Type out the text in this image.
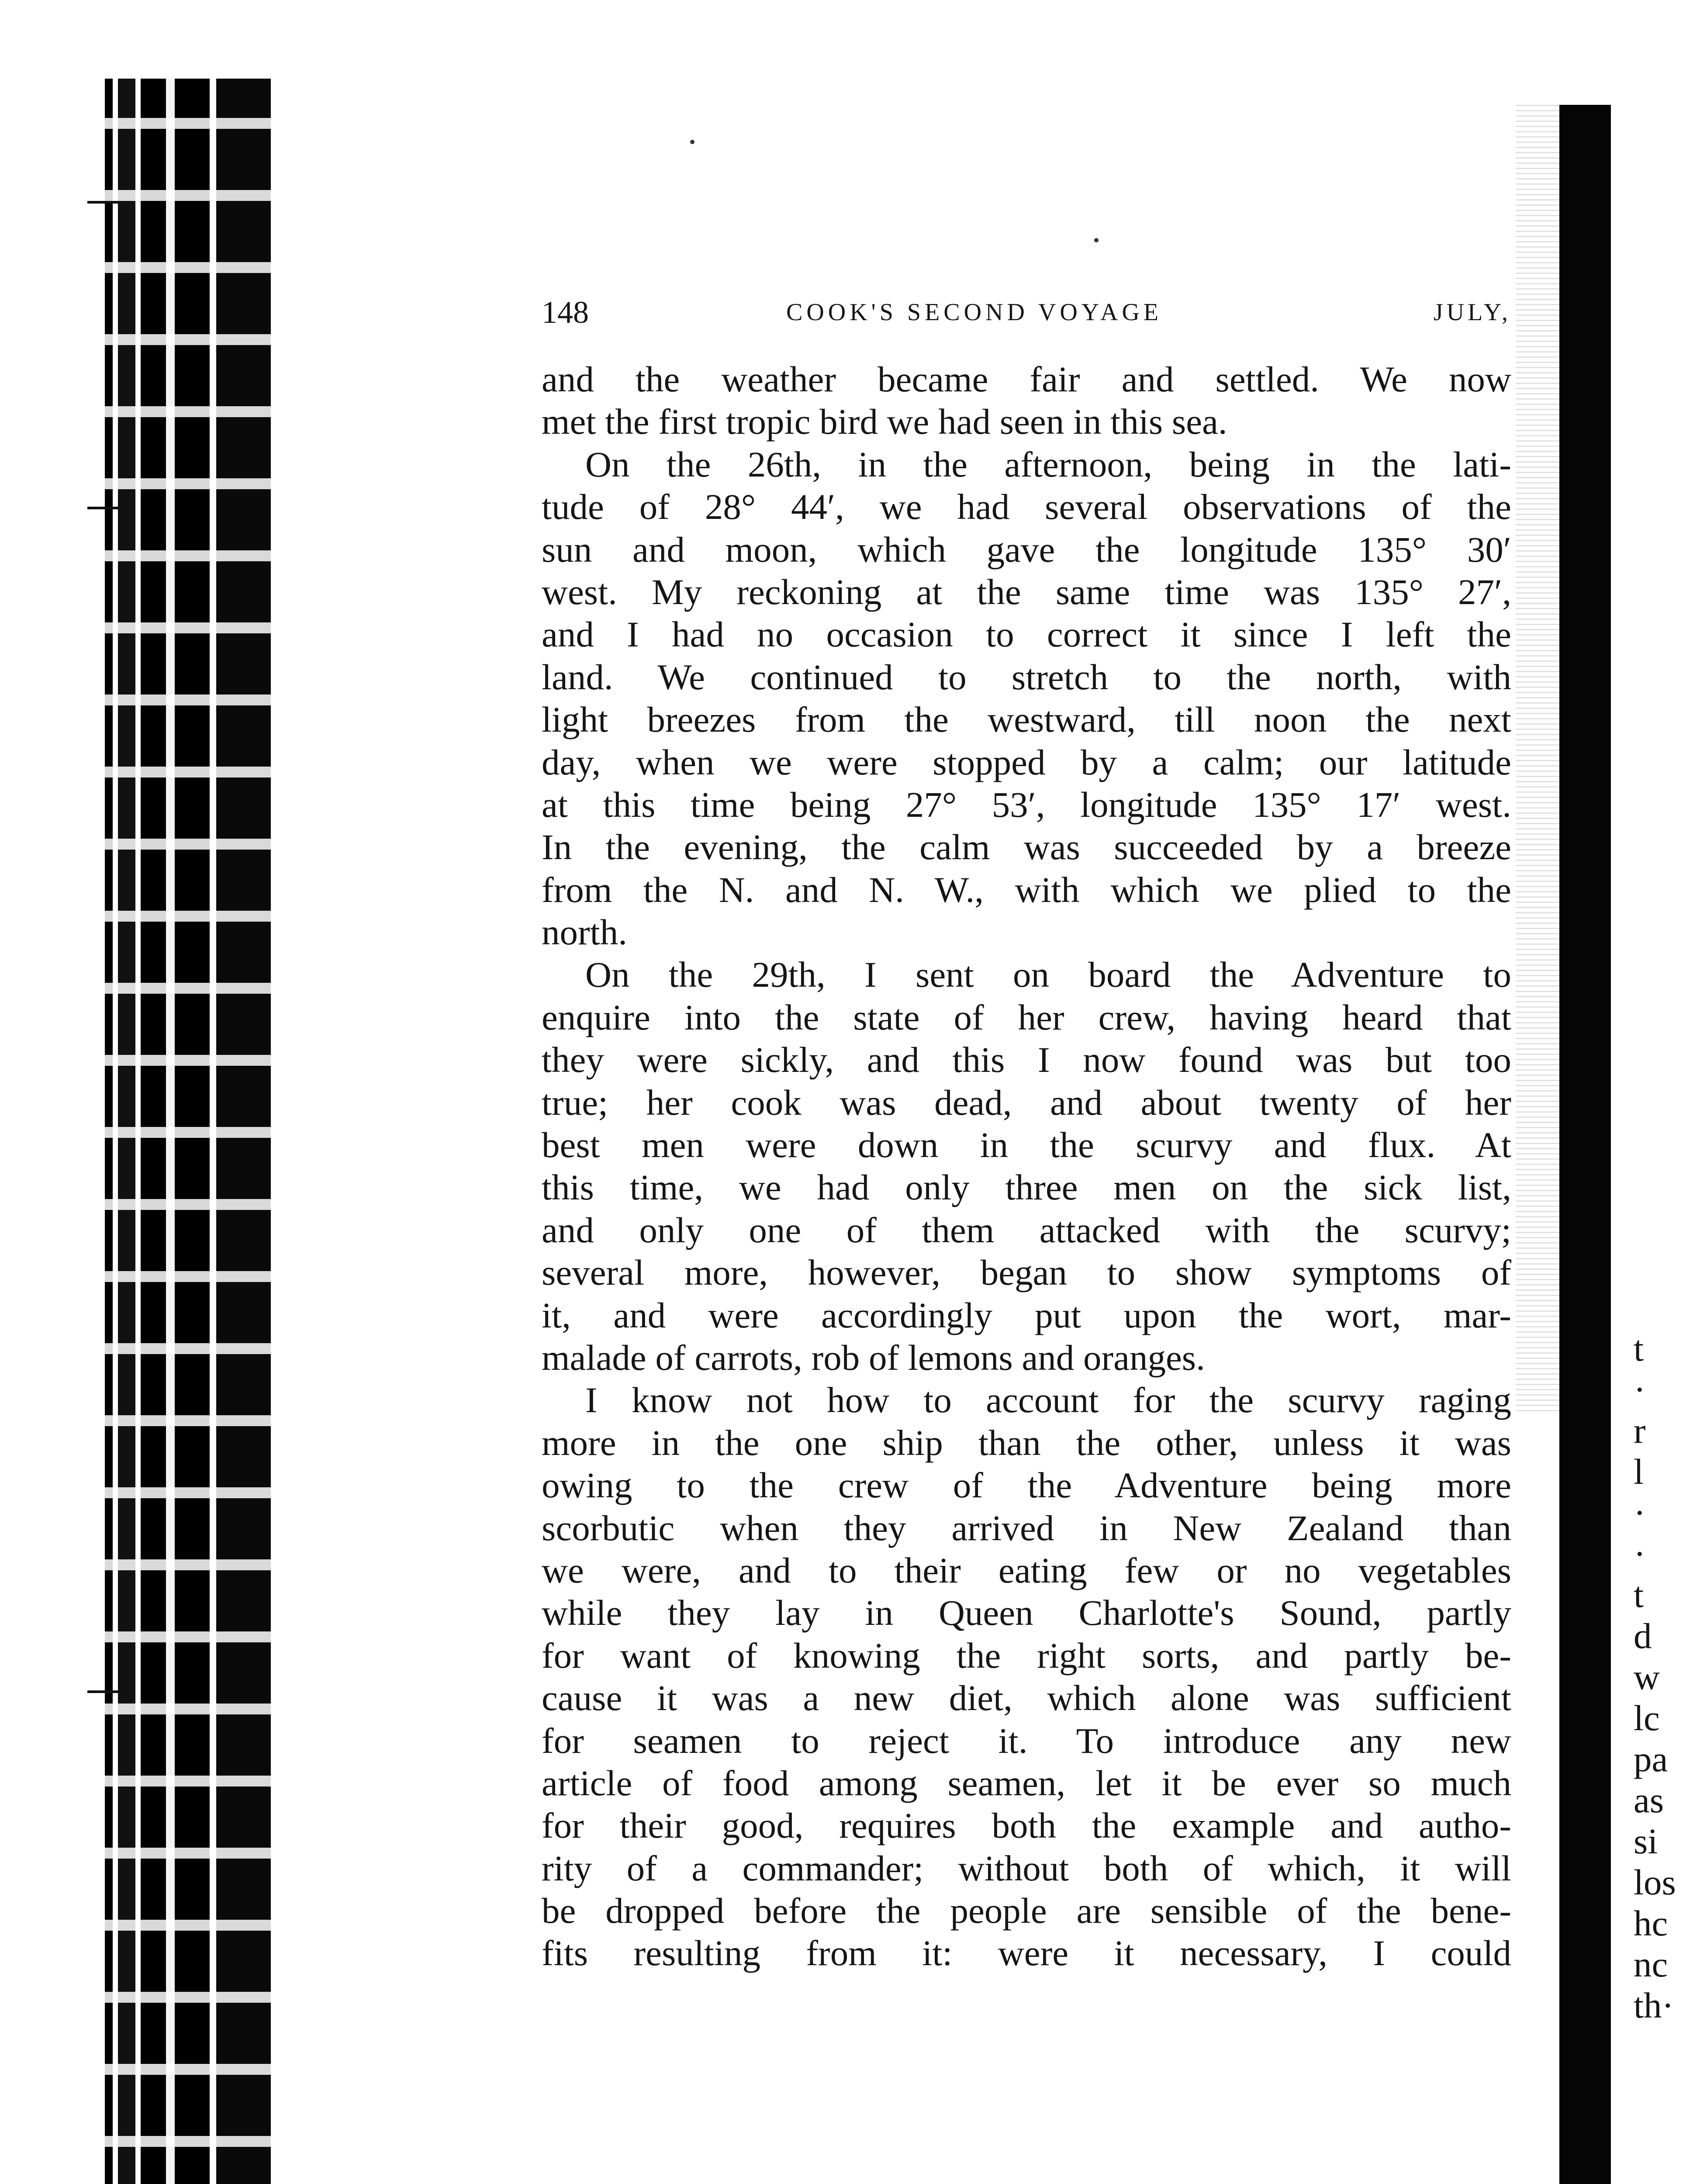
148	COOK'S SECOND VOYAGE	JULY,
and the weather became fair and settled. We now
met the first tropic bird we had seen in this sea.
On the 26th, in the afternoon, being in the lati-
tude of 28° 44′, we had several observations of the
sun and moon, which gave the longitude 135° 30′
west. My reckoning at the same time was 135° 27′,
and I had no occasion to correct it since I left the
land. We continued to stretch to the north, with
light breezes from the westward, till noon the next
day, when we were stopped by a calm; our latitude
at this time being 27° 53′, longitude 135° 17′ west.
In the evening, the calm was succeeded by a breeze
from the N. and N. W., with which we plied to the
north.
On the 29th, I sent on board the Adventure to
enquire into the state of her crew, having heard that
they were sickly, and this I now found was but too
true; her cook was dead, and about twenty of her
best men were down in the scurvy and flux. At
this time, we had only three men on the sick list,
and only one of them attacked with the scurvy;
several more, however, began to show symptoms of
it, and were accordingly put upon the wort, mar-
malade of carrots, rob of lemons and oranges.
I know not how to account for the scurvy raging
more in the one ship than the other, unless it was
owing to the crew of the Adventure being more
scorbutic when they arrived in New Zealand than
we were, and to their eating few or no vegetables
while they lay in Queen Charlotte's Sound, partly
for want of knowing the right sorts, and partly be-
cause it was a new diet, which alone was sufficient
for seamen to reject it. To introduce any new
article of food among seamen, let it be ever so much
for their good, requires both the example and autho-
rity of a commander; without both of which, it will
be dropped before the people are sensible of the bene-
fits resulting from it: were it necessary, I could
t
·
r
l
·
·
t
d
w
lc
pa
as
si
los
hc
nc
th·
